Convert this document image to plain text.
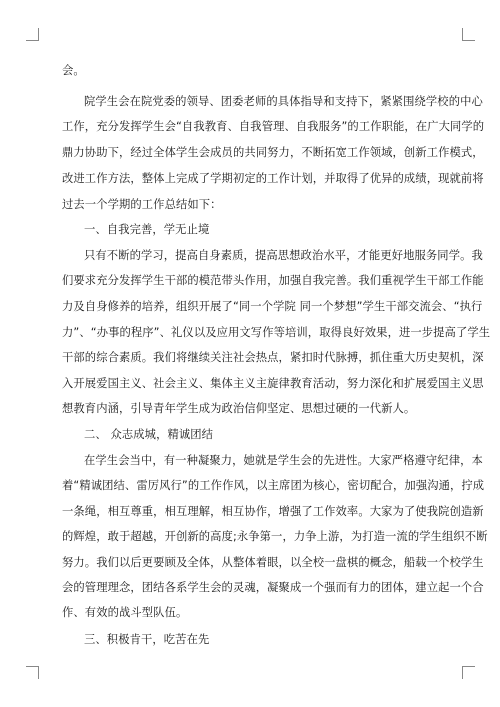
会。
院学生会在院党委的领导、团委老师的具体指导和支持下，紧紧围绕学校的中心
工作，充分发挥学生会“自我教育、自我管理、自我服务”的工作职能，在广大同学的
鼎力协助下，经过全体学生会成员的共同努力，不断拓宽工作领域，创新工作模式，
改进工作方法，整体上完成了学期初定的工作计划，并取得了优异的成绩，现就前将
过去一个学期的工作总结如下：
一、自我完善，学无止境
只有不断的学习，提高自身素质，提高思想政治水平，才能更好地服务同学。我
们要求充分发挥学生干部的模范带头作用，加强自我完善。我们重视学生干部工作能
力及自身修养的培养，组织开展了“同一个学院 同一个梦想”学生干部交流会、“执行
力”、“办事的程序”、礼仪以及应用文写作等培训，取得良好效果，进一步提高了学生
干部的综合素质。我们将继续关注社会热点，紧扣时代脉搏，抓住重大历史契机，深
入开展爱国主义、社会主义、集体主义主旋律教育活动，努力深化和扩展爱国主义思
想教育内涵，引导青年学生成为政治信仰坚定、思想过硬的一代新人。
二、 众志成城，精诚团结
在学生会当中，有一种凝聚力，她就是学生会的先进性。大家严格遵守纪律，本
着“精诚团结、雷厉风行”的工作作风，以主席团为核心，密切配合，加强沟通，拧成
一条绳，相互尊重，相互理解，相互协作，增强了工作效率。大家为了使我院创造新
的辉煌，敢于超越，开创新的高度;永争第一，力争上游，为打造一流的学生组织不断
努力。我们以后更要顾及全体，从整体着眼，以全校一盘棋的概念，船载一个校学生
会的管理理念，团结各系学生会的灵魂，凝聚成一个强而有力的团体，建立起一个合
作、有效的战斗型队伍。
三、积极肯干，吃苦在先
